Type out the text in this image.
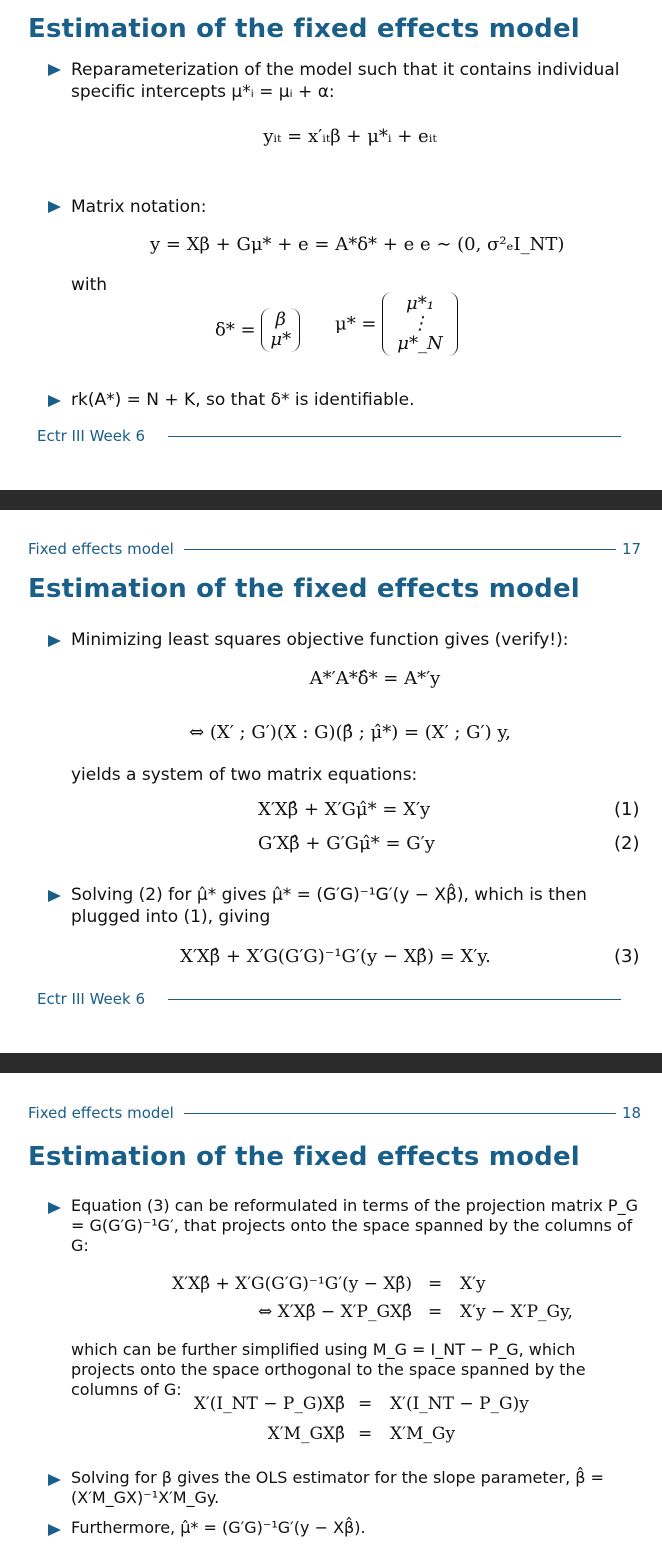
Estimation of the fixed effects model
Reparameterization of the model such that it contains individual specific intercepts μ*ᵢ = μᵢ + α:
yᵢₜ = x′ᵢₜβ + μ*ᵢ + eᵢₜ
Matrix notation:
y = Xβ + Gμ* + e = A*δ* + e e ∼ (0, σ²ₑI_NT)
with
δ* = β
μ*
μ* =
μ*₁
⋮
μ*_N
rk(A*) = N + K, so that δ* is identifiable.
Ectr III Week 6
Fixed effects model	17
Estimation of the fixed effects model
Minimizing least squares objective function gives (verify!):
A*′A*δ̂* = A*′y
⇔ (X′ ; G′)(X : G)(β̂ ; μ̂*) = (X′ ; G′) y,
yields a system of two matrix equations:
X′Xβ̂ + X′Gμ̂* = X′y	(1)
G′Xβ̂ + G′Gμ̂* = G′y	(2)
Solving (2) for μ̂* gives μ̂* = (G′G)⁻¹G′(y − Xβ̂), which is then plugged into (1), giving
X′Xβ̂ + X′G(G′G)⁻¹G′(y − Xβ̂) = X′y.	(3)
Ectr III Week 6
Fixed effects model	18
Estimation of the fixed effects model
Equation (3) can be reformulated in terms of the projection matrix P_G = G(G′G)⁻¹G′, that projects onto the space spanned by the columns of G:
X′Xβ̂ + X′G(G′G)⁻¹G′(y − Xβ̂) = X′y
⇔ X′Xβ̂ − X′P_GXβ̂ = X′y − X′P_Gy,
which can be further simplified using M_G = I_NT − P_G, which projects onto the space orthogonal to the space spanned by the columns of G:
X′(I_NT − P_G)Xβ̂ = X′(I_NT − P_G)y
X′M_GXβ̂ = X′M_Gy
Solving for β gives the OLS estimator for the slope parameter, β̂ = (X′M_GX)⁻¹X′M_Gy.
Furthermore, μ̂* = (G′G)⁻¹G′(y − Xβ̂).
